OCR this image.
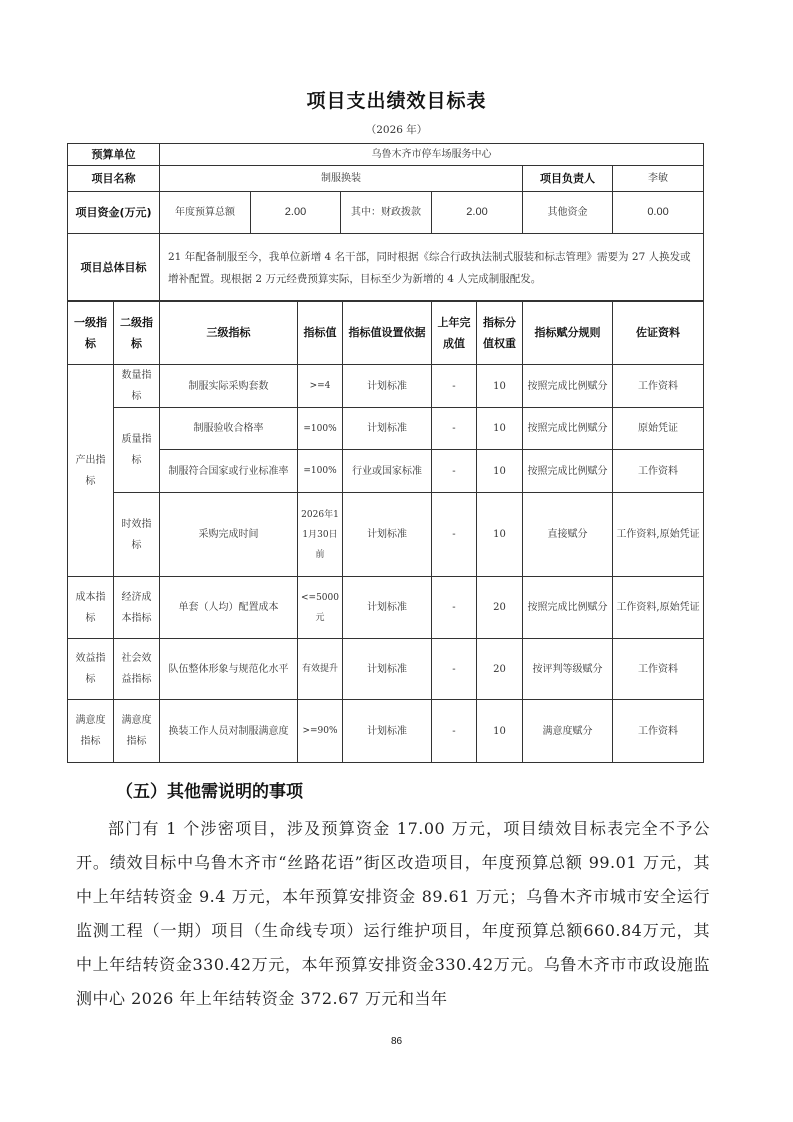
项目支出绩效目标表
（2026 年）
预算单位	乌鲁木齐市停车场服务中心					
项目名称	制服换装				项目负责人	李敏
项目资金(万元)	年度预算总额	2.00	其中：财政拨款	2.00	其他资金	0.00
项目总体目标	21 年配备制服至今，我单位新增 4 名干部，同时根据《综合行政执法制式服装和标志管理》需要为 27 人换发或增补配置。现根据 2 万元经费预算实际，目标至少为新增的 4 人完成制服配发。					
一级指标	二级指标	三级指标	指标值	指标值设置依据	上年完成值	指标分值权重	指标赋分规则	佐证资料
产出指标	数量指标	制服实际采购套数	>=4	计划标准	-	10	按照完成比例赋分	工作资料
	质量指标	制服验收合格率	=100%	计划标准	-	10	按照完成比例赋分	原始凭证
		制服符合国家或行业标准率	=100%	行业或国家标准	-	10	按照完成比例赋分	工作资料
	时效指标	采购完成时间	2026年11月30日前	计划标准	-	10	直接赋分	工作资料,原始凭证
成本指标	经济成本指标	单套（人均）配置成本	<=5000元	计划标准	-	20	按照完成比例赋分	工作资料,原始凭证
效益指标	社会效益指标	队伍整体形象与规范化水平	有效提升	计划标准	-	20	按评判等级赋分	工作资料
满意度指标	满意度指标	换装工作人员对制服满意度	>=90%	计划标准	-	10	满意度赋分	工作资料
（五）其他需说明的事项
部门有 1 个涉密项目，涉及预算资金 17.00 万元，项目绩效目标表完全不予公开。绩效目标中乌鲁木齐市“丝路花语”街区改造项目，年度预算总额 99.01 万元，其中上年结转资金 9.4 万元，本年预算安排资金 89.61 万元；乌鲁木齐市城市安全运行监测工程（一期）项目（生命线专项）运行维护项目，年度预算总额660.84万元，其中上年结转资金330.42万元，本年预算安排资金330.42万元。乌鲁木齐市市政设施监测中心 2026 年上年结转资金 372.67 万元和当年
86
